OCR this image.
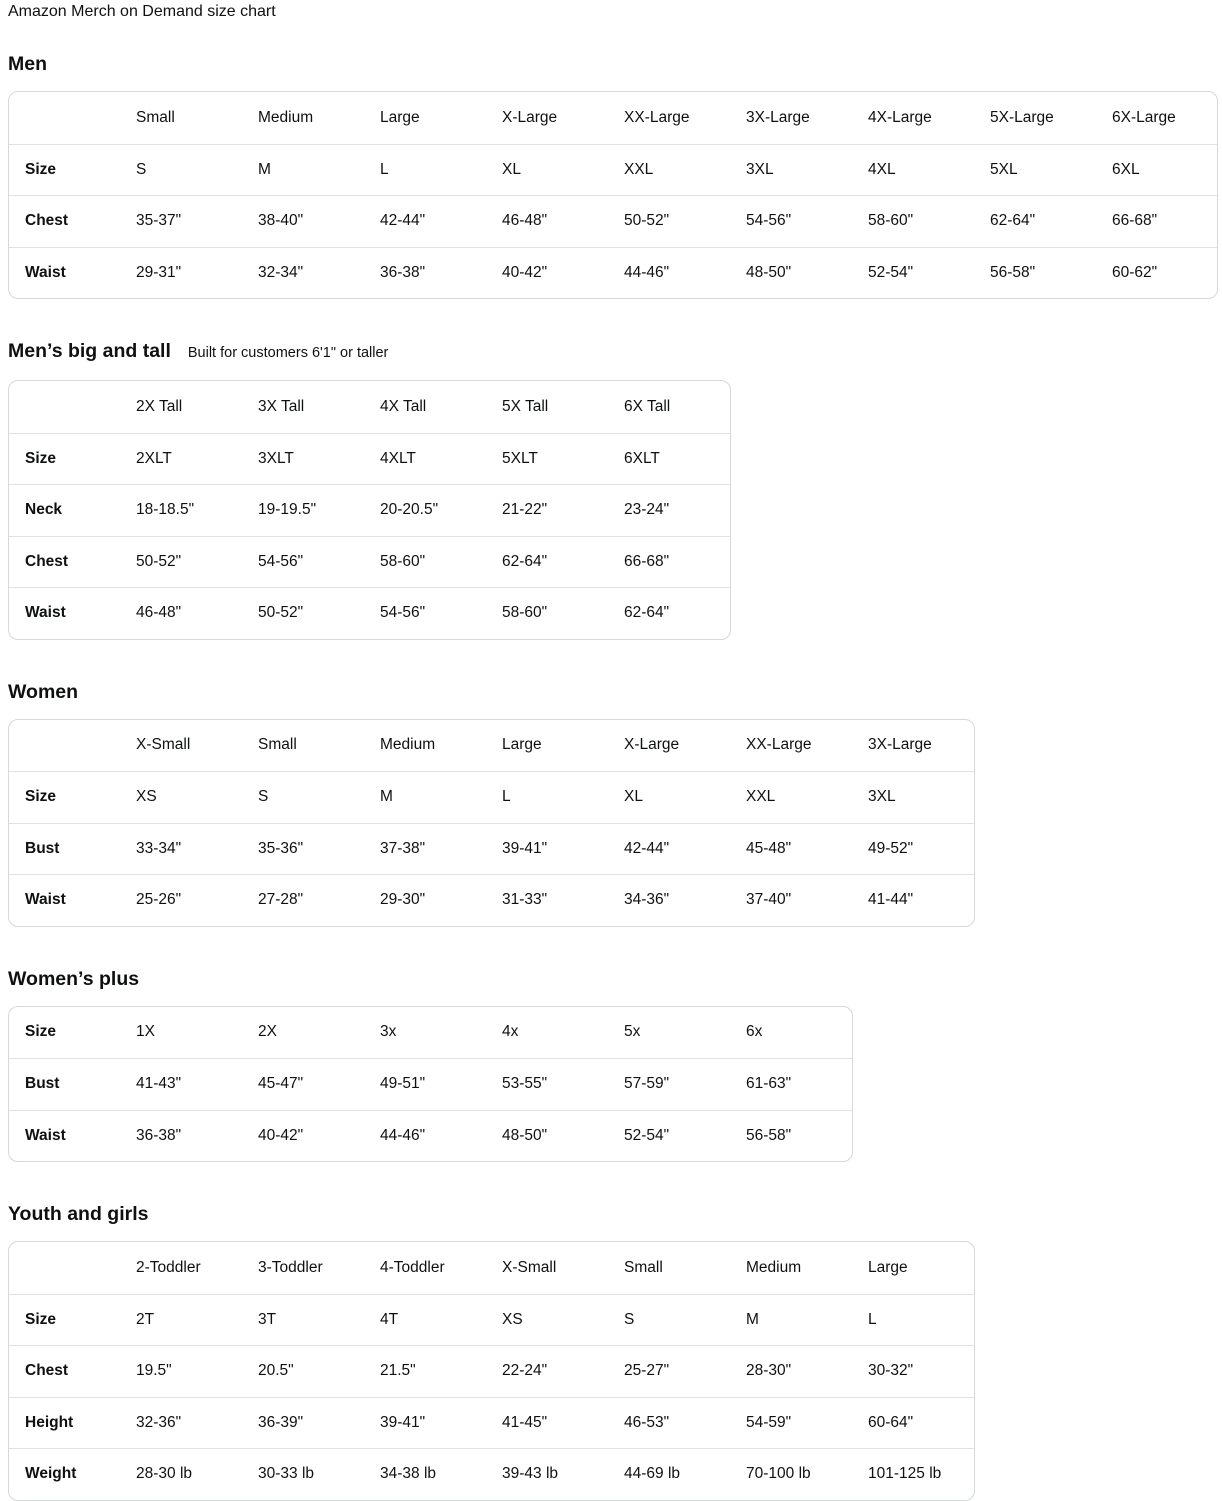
Amazon Merch on Demand size chart
Men
	Small	Medium	Large	X-Large	XX-Large	3X-Large	4X-Large	5X-Large	6X-Large
Size	S	M	L	XL	XXL	3XL	4XL	5XL	6XL
Chest	35-37"	38-40"	42-44"	46-48"	50-52"	54-56"	58-60"	62-64"	66-68"
Waist	29-31"	32-34"	36-38"	40-42"	44-46"	48-50"	52-54"	56-58"	60-62"
Men’s big and tall Built for customers 6'1" or taller
	2X Tall	3X Tall	4X Tall	5X Tall	6X Tall
Size	2XLT	3XLT	4XLT	5XLT	6XLT
Neck	18-18.5"	19-19.5"	20-20.5"	21-22"	23-24"
Chest	50-52"	54-56"	58-60"	62-64"	66-68"
Waist	46-48"	50-52"	54-56"	58-60"	62-64"
Women
	X-Small	Small	Medium	Large	X-Large	XX-Large	3X-Large
Size	XS	S	M	L	XL	XXL	3XL
Bust	33-34"	35-36"	37-38"	39-41"	42-44"	45-48"	49-52"
Waist	25-26"	27-28"	29-30"	31-33"	34-36"	37-40"	41-44"
Women’s plus
Size	1X	2X	3x	4x	5x	6x
Bust	41-43"	45-47"	49-51"	53-55"	57-59"	61-63"
Waist	36-38"	40-42"	44-46"	48-50"	52-54"	56-58"
Youth and girls
	2-Toddler	3-Toddler	4-Toddler	X-Small	Small	Medium	Large
Size	2T	3T	4T	XS	S	M	L
Chest	19.5"	20.5"	21.5"	22-24"	25-27"	28-30"	30-32"
Height	32-36"	36-39"	39-41"	41-45"	46-53"	54-59"	60-64"
Weight	28-30 lb	30-33 lb	34-38 lb	39-43 lb	44-69 lb	70-100 lb	101-125 lb
